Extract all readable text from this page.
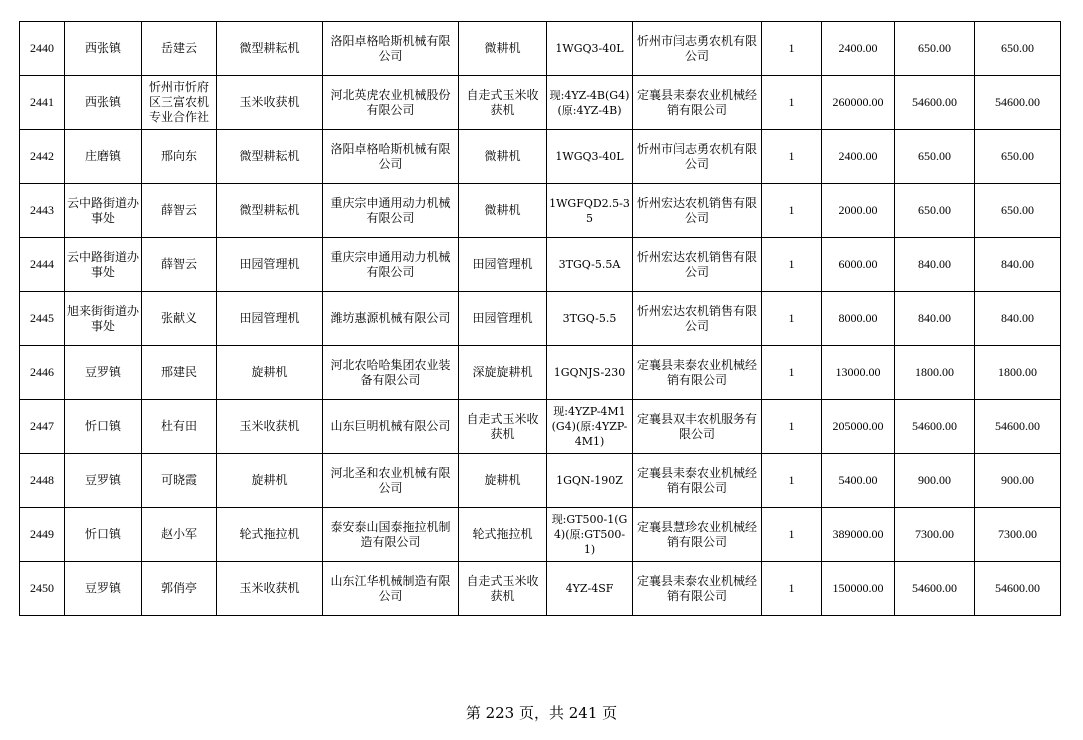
2440	西张镇	岳建云	微型耕耘机	洛阳卓格哈斯机械有限公司	微耕机	1WGQ3-40L	忻州市闫志勇农机有限公司	1	2400.00	650.00	650.00
2441	西张镇	忻州市忻府区三富农机专业合作社	玉米收获机	河北英虎农业机械股份有限公司	自走式玉米收获机	现:4YZ-4B(G4)(原:4YZ-4B)	定襄县耒泰农业机械经销有限公司	1	260000.00	54600.00	54600.00
2442	庄磨镇	邢向东	微型耕耘机	洛阳卓格哈斯机械有限公司	微耕机	1WGQ3-40L	忻州市闫志勇农机有限公司	1	2400.00	650.00	650.00
2443	云中路街道办事处	薛智云	微型耕耘机	重庆宗申通用动力机械有限公司	微耕机	1WGFQD2.5-35	忻州宏达农机销售有限公司	1	2000.00	650.00	650.00
2444	云中路街道办事处	薛智云	田园管理机	重庆宗申通用动力机械有限公司	田园管理机	3TGQ-5.5A	忻州宏达农机销售有限公司	1	6000.00	840.00	840.00
2445	旭来街街道办事处	张献义	田园管理机	潍坊惠源机械有限公司	田园管理机	3TGQ-5.5	忻州宏达农机销售有限公司	1	8000.00	840.00	840.00
2446	豆罗镇	邢建民	旋耕机	河北农哈哈集团农业装备有限公司	深旋旋耕机	1GQNJS-230	定襄县耒泰农业机械经销有限公司	1	13000.00	1800.00	1800.00
2447	忻口镇	杜有田	玉米收获机	山东巨明机械有限公司	自走式玉米收获机	现:4YZP-4M1(G4)(原:4YZP-4M1)	定襄县双丰农机服务有限公司	1	205000.00	54600.00	54600.00
2448	豆罗镇	可晓霞	旋耕机	河北圣和农业机械有限公司	旋耕机	1GQN-190Z	定襄县耒泰农业机械经销有限公司	1	5400.00	900.00	900.00
2449	忻口镇	赵小军	轮式拖拉机	泰安泰山国泰拖拉机制造有限公司	轮式拖拉机	现:GT500-1(G4)(原:GT500-1)	定襄县慧珍农业机械经销有限公司	1	389000.00	7300.00	7300.00
2450	豆罗镇	郭俏亭	玉米收获机	山东江华机械制造有限公司	自走式玉米收获机	4YZ-4SF	定襄县耒泰农业机械经销有限公司	1	150000.00	54600.00	54600.00
第 223 页，共 241 页
